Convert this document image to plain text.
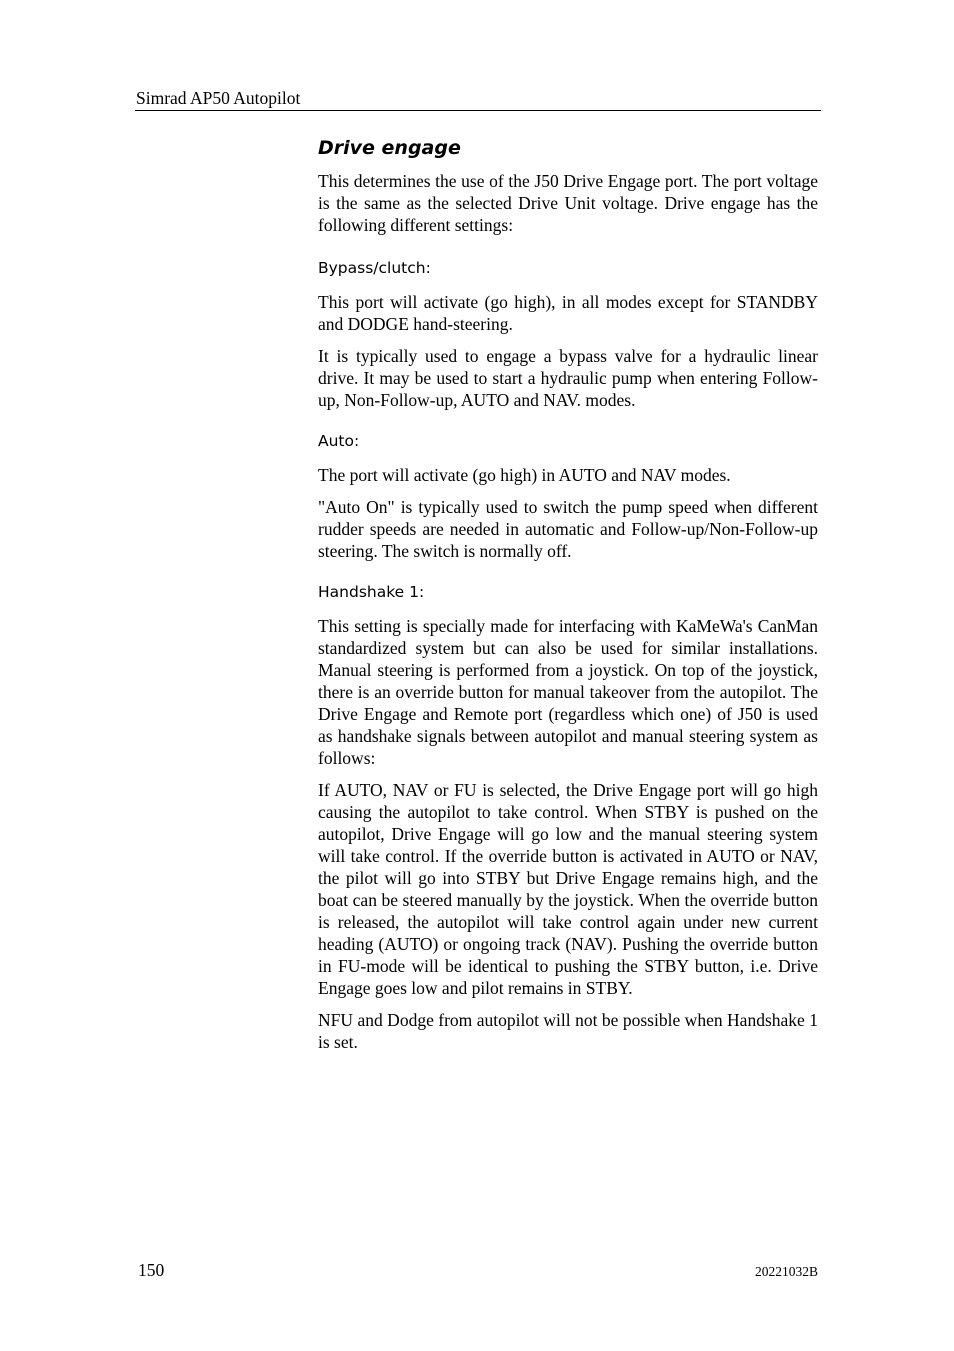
Simrad AP50 Autopilot
Drive engage

This determines the use of the J50 Drive Engage port. The port voltage is the same as the selected Drive Unit voltage. Drive engage has the following different settings:

Bypass/clutch:

This port will activate (go high), in all modes except for STANDBY and DODGE hand-steering.

It is typically used to engage a bypass valve for a hydraulic linear drive. It may be used to start a hydraulic pump when entering Follow-up, Non-Follow-up, AUTO and NAV. modes.

Auto:

The port will activate (go high) in AUTO and NAV modes.

"Auto On" is typically used to switch the pump speed when different rudder speeds are needed in automatic and Follow-up/Non-Follow-up steering. The switch is normally off.

Handshake 1:

This setting is specially made for interfacing with KaMeWa's CanMan standardized system but can also be used for similar installations. Manual steering is performed from a joystick. On top of the joystick, there is an override button for manual takeover from the autopilot. The Drive Engage and Remote port (regardless which one) of J50 is used as handshake signals between autopilot and manual steering system as follows:

If AUTO, NAV or FU is selected, the Drive Engage port will go high causing the autopilot to take control. When STBY is pushed on the autopilot, Drive Engage will go low and the manual steering system will take control. If the override button is activated in AUTO or NAV, the pilot will go into STBY but Drive Engage remains high, and the boat can be steered manually by the joystick. When the override button is released, the autopilot will take control again under new current heading (AUTO) or ongoing track (NAV). Pushing the override button in FU-mode will be identical to pushing the STBY button, i.e. Drive Engage goes low and pilot remains in STBY.

NFU and Dodge from autopilot will not be possible when Handshake 1 is set.

150	20221032B
